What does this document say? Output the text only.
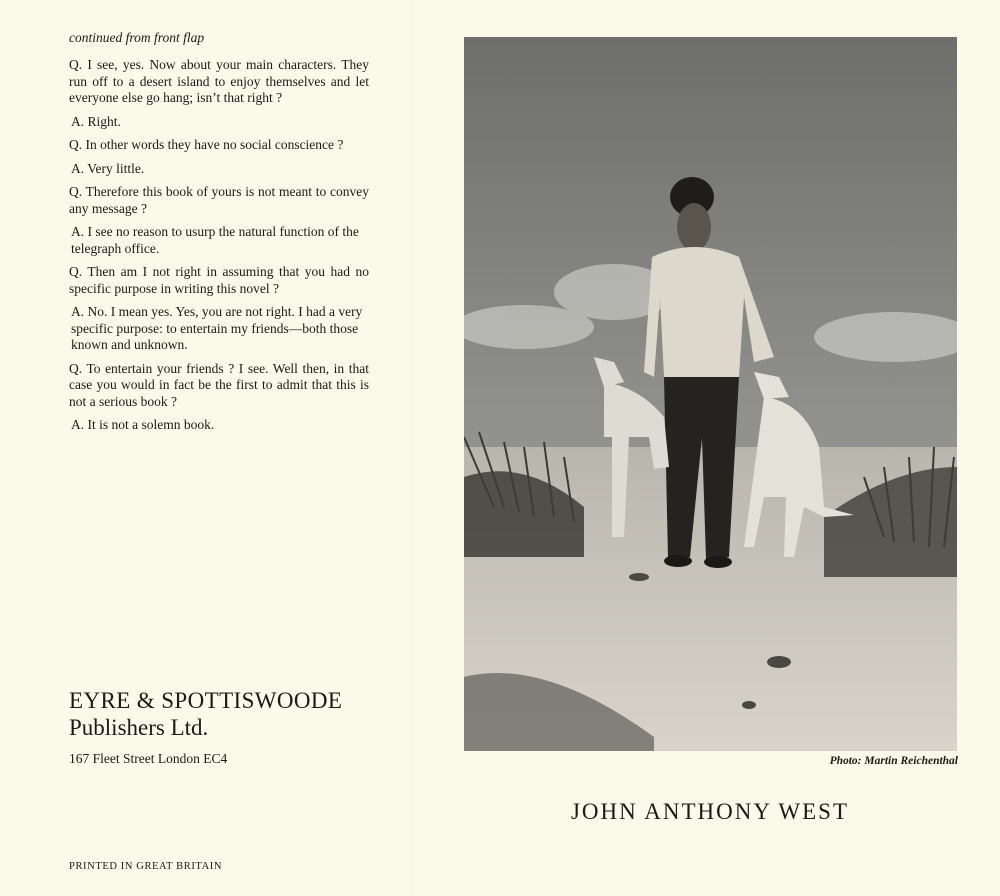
continued from front flap
Q. I see, yes. Now about your main characters. They run off to a desert island to enjoy themselves and let everyone else go hang; isn’t that right ?
A. Right.
Q. In other words they have no social conscience ?
A. Very little.
Q. Therefore this book of yours is not meant to convey any message ?
A. I see no reason to usurp the natural function of the telegraph office.
Q. Then am I not right in assuming that you had no specific purpose in writing this novel ?
A. No. I mean yes. Yes, you are not right. I had a very specific purpose: to entertain my friends—both those known and unknown.
Q. To entertain your friends ? I see. Well then, in that case you would in fact be the first to admit that this is not a serious book ?
A. It is not a solemn book.
EYRE & SPOTTISWOODE
Publishers Ltd.
167 Fleet Street London EC4
PRINTED IN GREAT BRITAIN
Photo: Martin Reichenthal
JOHN ANTHONY WEST
